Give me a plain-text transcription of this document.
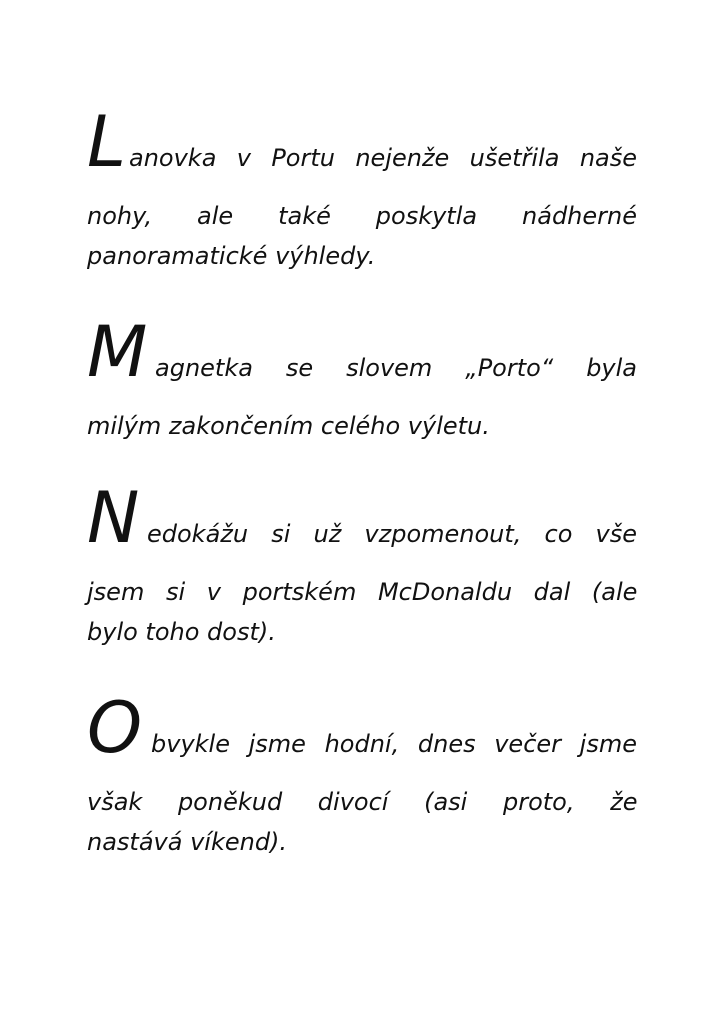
L anovka v Portu nejenže ušetřila naše
nohy, ale také poskytla nádherné
panoramatické výhledy.
M agnetka se slovem „Porto“ byla
milým zakončením celého výletu.
N edokážu si už vzpomenout, co vše
jsem si v portském McDonaldu dal (ale
bylo toho dost).
O bvykle jsme hodní, dnes večer jsme
však poněkud divocí (asi proto, že
nastává víkend).
